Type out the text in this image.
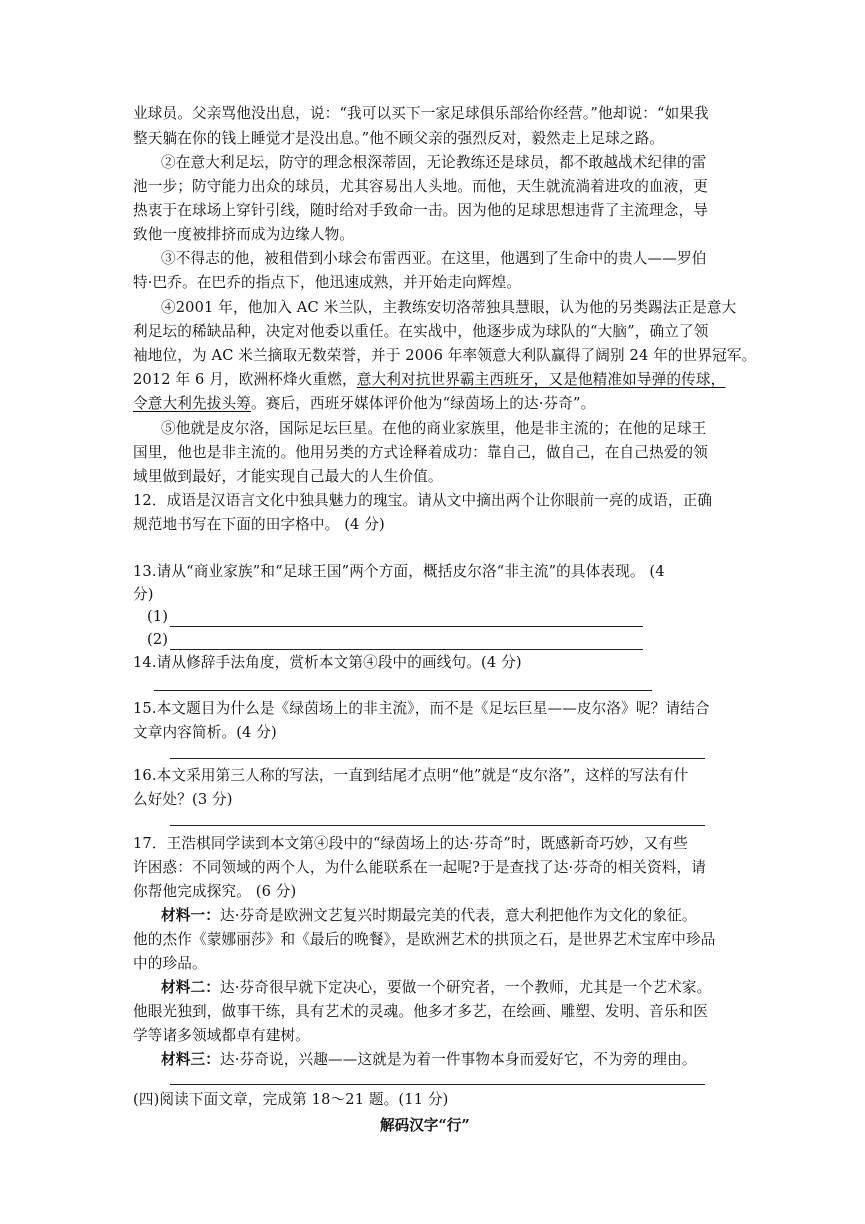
业球员。父亲骂他没出息，说：“我可以买下一家足球俱乐部给你经营。”他却说：“如果我
整天躺在你的钱上睡觉才是没出息。”他不顾父亲的强烈反对，毅然走上足球之路。
②在意大利足坛，防守的理念根深蒂固，无论教练还是球员，都不敢越战术纪律的雷
池一步；防守能力出众的球员，尤其容易出人头地。而他，天生就流淌着进攻的血液，更
热衷于在球场上穿针引线，随时给对手致命一击。因为他的足球思想违背了主流理念，导
致他一度被排挤而成为边缘人物。
③不得志的他，被租借到小球会布雷西亚。在这里，他遇到了生命中的贵人——罗伯
特·巴乔。在巴乔的指点下，他迅速成熟，并开始走向辉煌。
④2001 年，他加入 AC 米兰队，主教练安切洛蒂独具慧眼，认为他的另类踢法正是意大
利足坛的稀缺品种，决定对他委以重任。在实战中，他逐步成为球队的“大脑”，确立了领
袖地位，为 AC 米兰摘取无数荣誉，并于 2006 年率领意大利队赢得了阔别 24 年的世界冠军。
2012 年 6 月，欧洲杯烽火重燃，意大利对抗世界霸主西班牙，又是他精准如导弹的传球，
令意大利先拔头筹。赛后，西班牙媒体评价他为“绿茵场上的达·芬奇”。
⑤他就是皮尔洛，国际足坛巨星。在他的商业家族里，他是非主流的；在他的足球王
国里，他也是非主流的。他用另类的方式诠释着成功：靠自己，做自己，在自己热爱的领
域里做到最好，才能实现自己最大的人生价值。
12．成语是汉语言文化中独具魅力的瑰宝。请从文中摘出两个让你眼前一亮的成语，正确
规范地书写在下面的田字格中。 (4 分)
13.请从“商业家族”和“足球王国”两个方面，概括皮尔洛“非主流”的具体表现。 (4
分)
(1)
(2)
14.请从修辞手法角度，赏析本文第④段中的画线句。(4 分)
15.本文题目为什么是《绿茵场上的非主流》，而不是《足坛巨星——皮尔洛》呢？请结合
文章内容简析。(4 分)
16.本文采用第三人称的写法，一直到结尾才点明“他”就是“皮尔洛”，这样的写法有什
么好处？(3 分)
17．王浩棋同学读到本文第④段中的“绿茵场上的达·芬奇”时，既感新奇巧妙，又有些
许困惑：不同领域的两个人，为什么能联系在一起呢?于是查找了达·芬奇的相关资料，请
你帮他完成探究。 (6 分)
材料一：达·芬奇是欧洲文艺复兴时期最完美的代表，意大利把他作为文化的象征。
他的杰作《蒙娜丽莎》和《最后的晚餐》，是欧洲艺术的拱顶之石，是世界艺术宝库中珍品
中的珍品。
材料二：达·芬奇很早就下定决心，要做一个研究者，一个教师，尤其是一个艺术家。
他眼光独到，做事干练，具有艺术的灵魂。他多才多艺，在绘画、雕塑、发明、音乐和医
学等诸多领域都卓有建树。
材料三：达·芬奇说，兴趣——这就是为着一件事物本身而爱好它，不为旁的理由。
(四)阅读下面文章，完成第 18～21 题。(11 分)
解码汉字“行”
